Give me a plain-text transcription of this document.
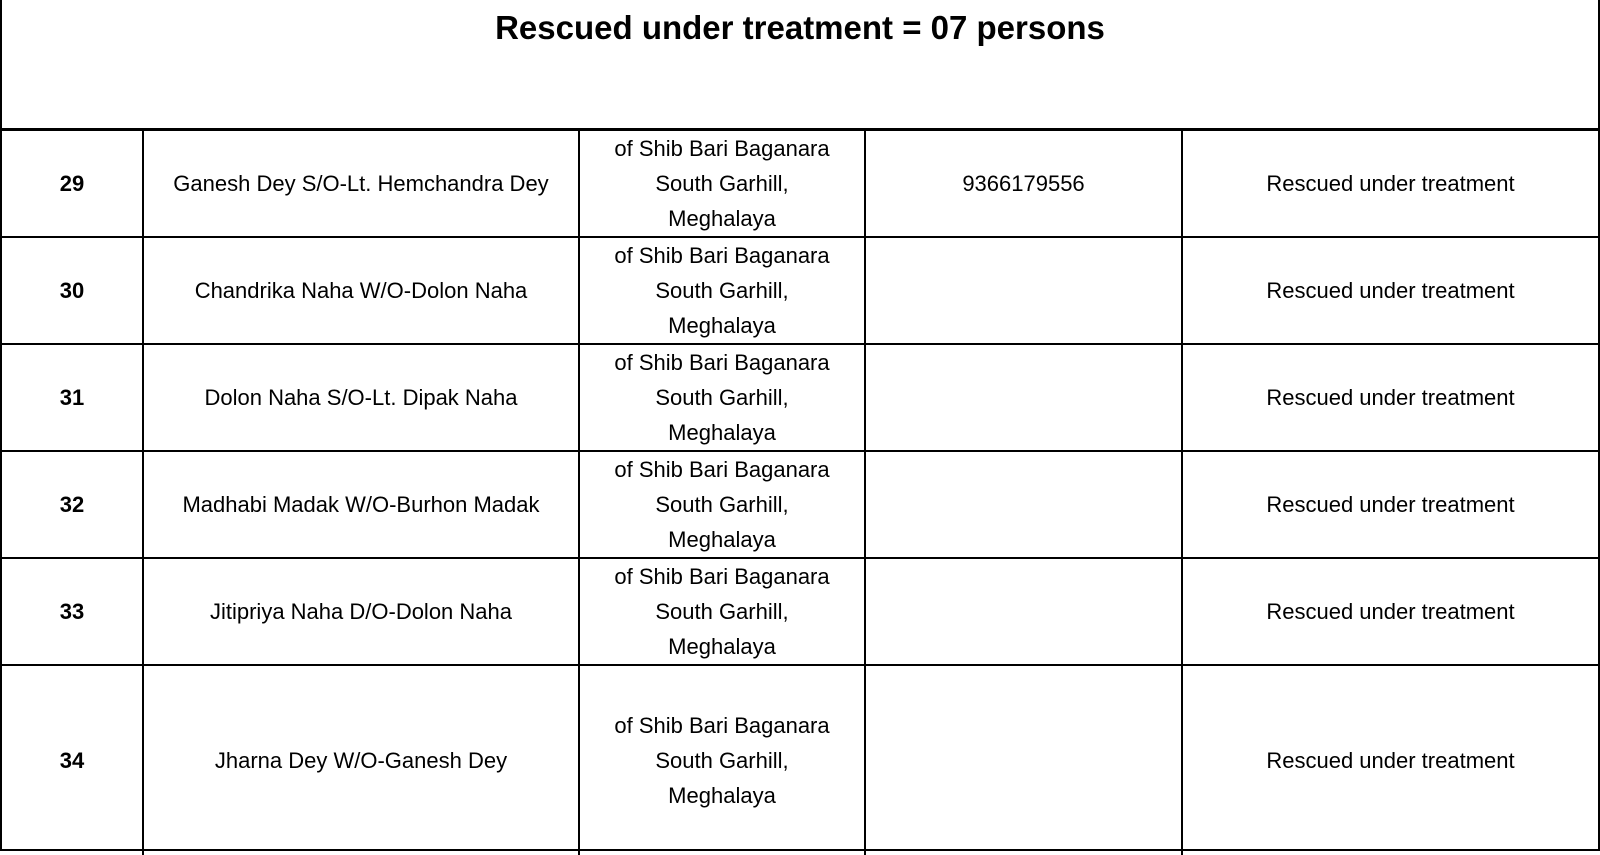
Rescued under treatment = 07 persons
29	Ganesh Dey S/O-Lt. Hemchandra Dey	of Shib Bari Baganara
South Garhill,
Meghalaya	9366179556	Rescued under treatment
30	Chandrika Naha W/O-Dolon Naha	of Shib Bari Baganara
South Garhill,
Meghalaya		Rescued under treatment
31	Dolon Naha S/O-Lt. Dipak Naha	of Shib Bari Baganara
South Garhill,
Meghalaya		Rescued under treatment
32	Madhabi Madak W/O-Burhon Madak	of Shib Bari Baganara
South Garhill,
Meghalaya		Rescued under treatment
33	Jitipriya Naha D/O-Dolon Naha	of Shib Bari Baganara
South Garhill,
Meghalaya		Rescued under treatment
34	Jharna Dey W/O-Ganesh Dey	of Shib Bari Baganara
South Garhill,
Meghalaya		Rescued under treatment
